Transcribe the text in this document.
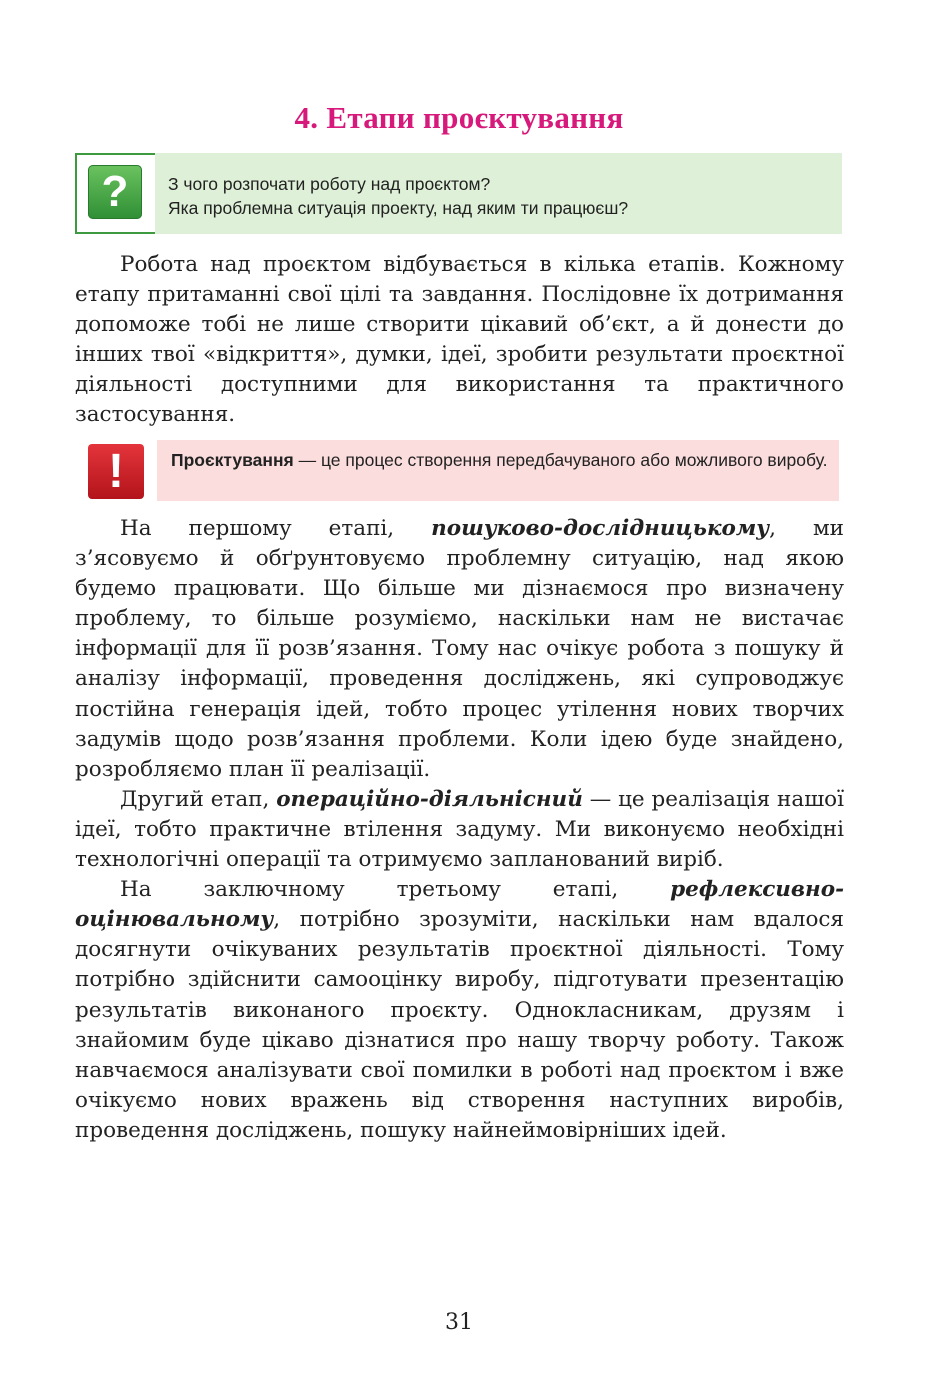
4. Етапи проєктування
?	З чого розпочати роботу над проєктом?
Яка проблемна ситуація проекту, над яким ти працюєш?

Робота над проєктом відбувається в кілька етапів. Кожному етапу притаманні свої цілі та завдання. Послідовне їх дотримання допоможе тобі не лише створити цікавий об’єкт, а й донести до інших твої «відкриття», думки, ідеї, зробити результати проєктної діяльності доступними для використання та практичного застосування.

!	Проєктування — це процес створення передбачуваного або можливого виробу.

На першому етапі, пошуково-дослідницькому, ми з’ясовуємо й обґрунтовуємо проблемну ситуацію, над якою будемо працювати. Що більше ми дізнаємося про визначену проблему, то більше розуміємо, наскільки нам не вистачає інформації для її розв’язання. Тому нас очікує робота з пошуку й аналізу інформації, проведення досліджень, які супроводжує постійна генерація ідей, тобто процес утілення нових творчих задумів щодо розв’язання проблеми. Коли ідею буде знайдено, розробляємо план її реалізації.

Другий етап, операційно-діяльнісний — це реалізація нашої ідеї, тобто практичне втілення задуму. Ми виконуємо необхідні технологічні операції та отримуємо запланований виріб.

На заключному третьому етапі, рефлексивно-оцінювальному, потрібно зрозуміти, наскільки нам вдалося досягнути очікуваних результатів проєктної діяльності. Тому потрібно здійснити самооцінку виробу, підготувати презентацію результатів виконаного проєкту. Однокласникам, друзям і знайомим буде цікаво дізнатися про нашу творчу роботу. Також навчаємося аналізувати свої помилки в роботі над проєктом і вже очікуємо нових вражень від створення наступних виробів, проведення досліджень, пошуку найнеймовірніших ідей.

31
